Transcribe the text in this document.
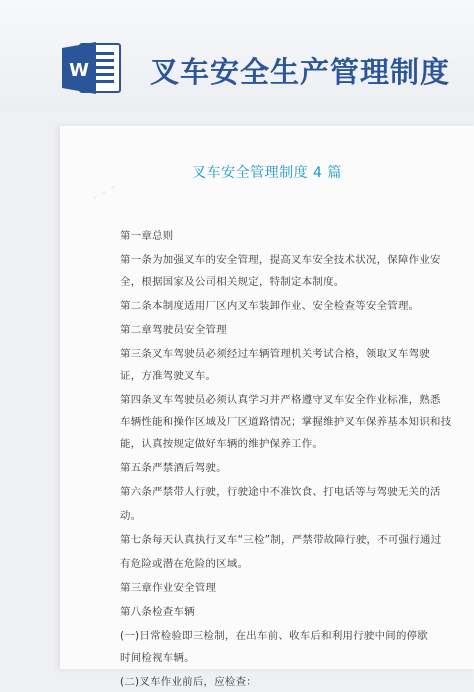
W 叉车安全生产管理制度
∙ ∙ ∙
叉车安全管理制度 4 篇
第一章总则
第一条为加强叉车的安全管理，提高叉车安全技术状况，保障作业安
全，根据国家及公司相关规定，特制定本制度。
第二条本制度适用厂区内叉车装卸作业、安全检查等安全管理。
第二章驾驶员安全管理
第三条叉车驾驶员必须经过车辆管理机关考试合格，领取叉车驾驶
证，方准驾驶叉车。
第四条叉车驾驶员必须认真学习并严格遵守叉车安全作业标准，熟悉
车辆性能和操作区域及厂区道路情况；掌握维护叉车保养基本知识和技
能，认真按规定做好车辆的维护保养工作。
第五条严禁酒后驾驶。
第六条严禁带人行驶，行驶途中不准饮食、打电话等与驾驶无关的活
动。
第七条每天认真执行叉车“三检”制，严禁带故障行驶，不可强行通过
有危险或潜在危险的区域。
第三章作业安全管理
第八条检查车辆
(一)日常检验即三检制，在出车前、收车后和利用行驶中间的停歇
时间检视车辆。
(二)叉车作业前后，应检查：
